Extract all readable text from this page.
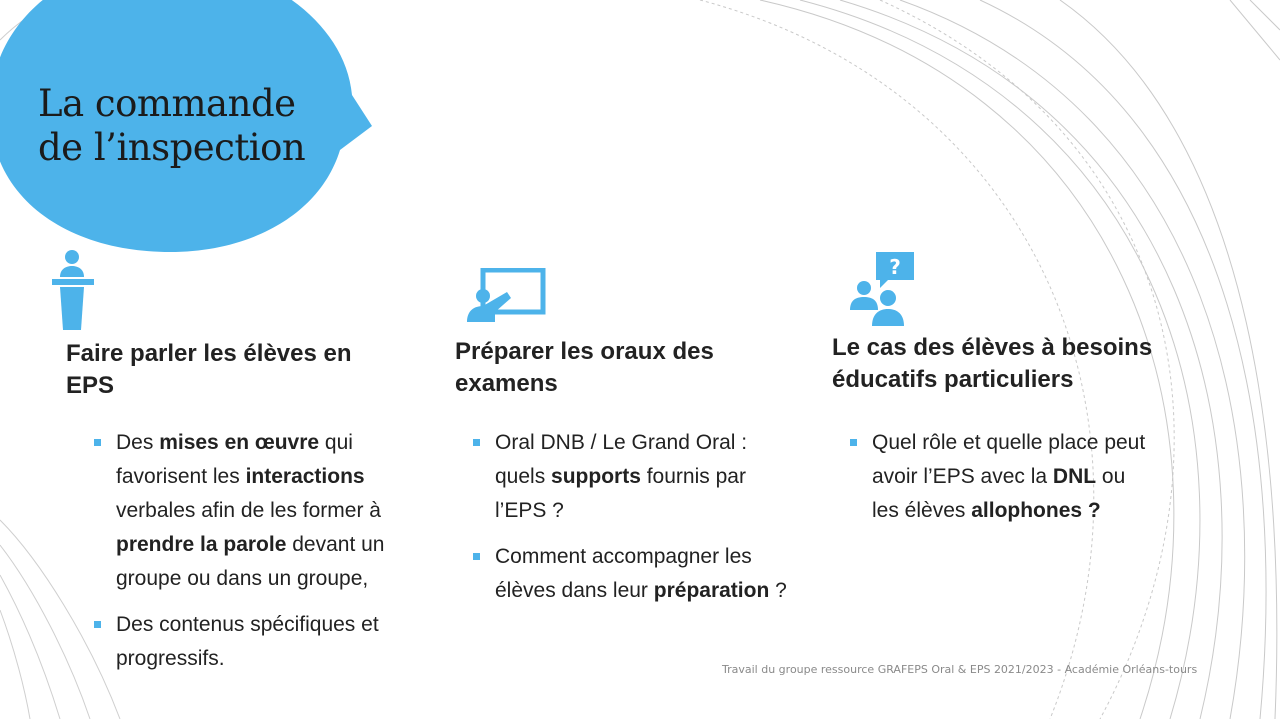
La commande
de l’inspection
Faire parler les élèves en
EPS
Des mises en œuvre qui
favorisent les interactions
verbales afin de les former à
prendre la parole devant un
groupe ou dans un groupe,
Des contenus spécifiques et
progressifs.
Préparer les oraux des
examens
Oral DNB / Le Grand Oral :
quels supports fournis par
l’EPS ?
Comment accompagner les
élèves dans leur préparation ?
?
Le cas des élèves à besoins
éducatifs particuliers
Quel rôle et quelle place peut
avoir l’EPS avec la DNL ou
les élèves allophones ?
Travail du groupe ressource GRAFEPS Oral & EPS 2021/2023 - Académie Orléans-tours
